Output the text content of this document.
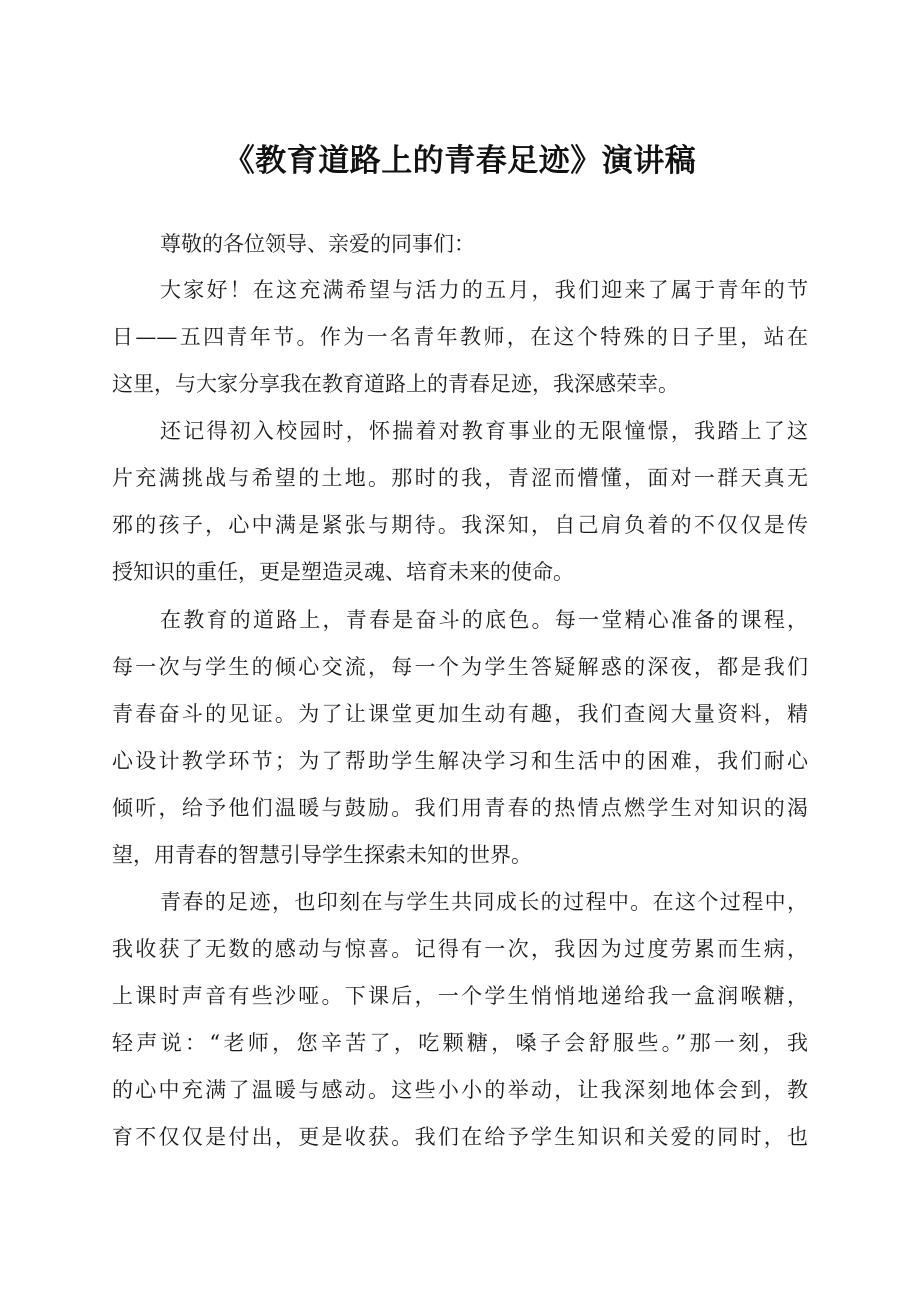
《教育道路上的青春足迹》演讲稿
尊敬的各位领导、亲爱的同事们：
大家好！在这充满希望与活力的五月，我们迎来了属于青年的节
日——五四青年节。作为一名青年教师，在这个特殊的日子里，站在
这里，与大家分享我在教育道路上的青春足迹，我深感荣幸。
还记得初入校园时，怀揣着对教育事业的无限憧憬，我踏上了这
片充满挑战与希望的土地。那时的我，青涩而懵懂，面对一群天真无
邪的孩子，心中满是紧张与期待。我深知，自己肩负着的不仅仅是传
授知识的重任，更是塑造灵魂、培育未来的使命。
在教育的道路上，青春是奋斗的底色。每一堂精心准备的课程，
每一次与学生的倾心交流，每一个为学生答疑解惑的深夜，都是我们
青春奋斗的见证。为了让课堂更加生动有趣，我们查阅大量资料，精
心设计教学环节；为了帮助学生解决学习和生活中的困难，我们耐心
倾听，给予他们温暖与鼓励。我们用青春的热情点燃学生对知识的渴
望，用青春的智慧引导学生探索未知的世界。
青春的足迹，也印刻在与学生共同成长的过程中。在这个过程中，
我收获了无数的感动与惊喜。记得有一次，我因为过度劳累而生病，
上课时声音有些沙哑。下课后，一个学生悄悄地递给我一盒润喉糖，
轻声说：“老师，您辛苦了，吃颗糖，嗓子会舒服些。”那一刻，我
的心中充满了温暖与感动。这些小小的举动，让我深刻地体会到，教
育不仅仅是付出，更是收获。我们在给予学生知识和关爱的同时，也
